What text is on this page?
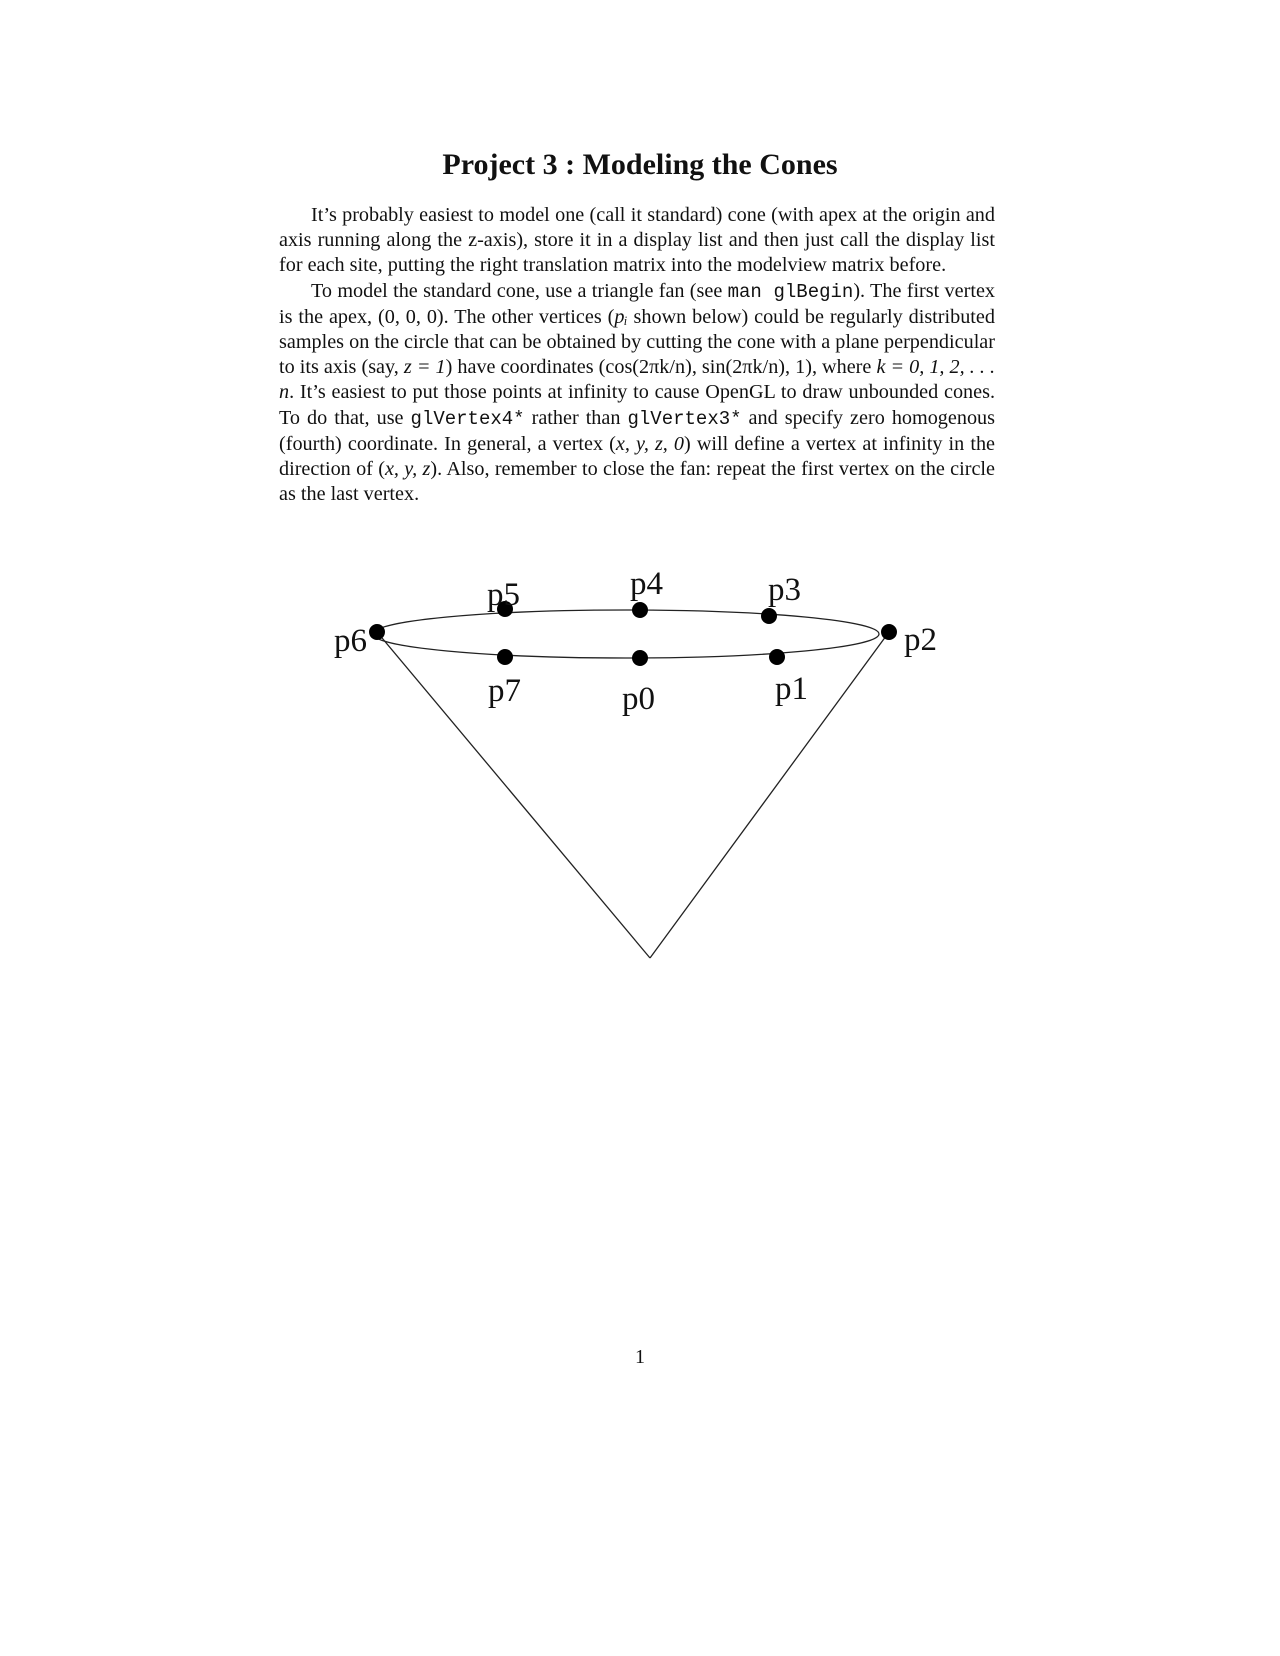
Project 3 : Modeling the Cones

It’s probably easiest to model one (call it standard) cone (with apex at the origin and axis running along the z-axis), store it in a display list and then just call the display list for each site, putting the right translation matrix into the modelview matrix before.

To model the standard cone, use a triangle fan (see man glBegin). The first vertex is the apex, (0, 0, 0). The other vertices (pᵢ shown below) could be regularly distributed samples on the circle that can be obtained by cutting the cone with a plane perpendicular to its axis (say, z = 1) have coordinates (cos(2πk/n), sin(2πk/n), 1), where k = 0, 1, 2, . . . n. It’s easiest to put those points at infinity to cause OpenGL to draw unbounded cones. To do that, use glVertex4* rather than glVertex3* and specify zero homogenous (fourth) coordinate. In general, a vertex (x, y, z, 0) will define a vertex at infinity in the direction of (x, y, z). Also, remember to close the fan: repeat the first vertex on the circle as the last vertex.

p0	p1
p2
p3
p4
p5
p6
p7
1
